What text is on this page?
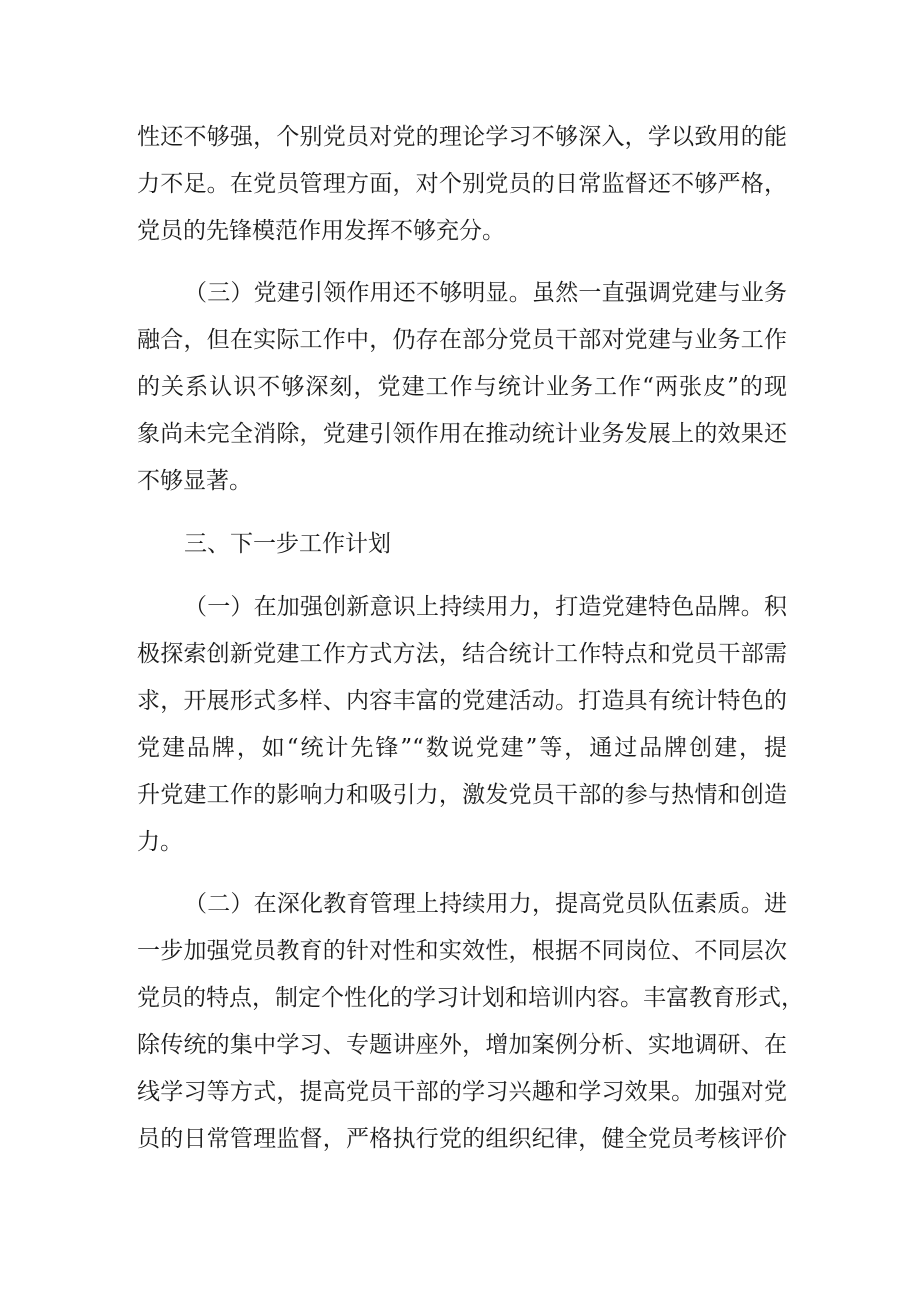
性还不够强，个别党员对党的理论学习不够深入，学以致用的能
力不足。在党员管理方面，对个别党员的日常监督还不够严格，
党员的先锋模范作用发挥不够充分。
（三）党建引领作用还不够明显。虽然一直强调党建与业务
融合，但在实际工作中，仍存在部分党员干部对党建与业务工作
的关系认识不够深刻，党建工作与统计业务工作“两张皮”的现
象尚未完全消除，党建引领作用在推动统计业务发展上的效果还
不够显著。
三、下一步工作计划
（一）在加强创新意识上持续用力，打造党建特色品牌。积
极探索创新党建工作方式方法，结合统计工作特点和党员干部需
求，开展形式多样、内容丰富的党建活动。打造具有统计特色的
党建品牌，如“统计先锋”“数说党建”等，通过品牌创建，提
升党建工作的影响力和吸引力，激发党员干部的参与热情和创造
力。
（二）在深化教育管理上持续用力，提高党员队伍素质。进
一步加强党员教育的针对性和实效性，根据不同岗位、不同层次
党员的特点，制定个性化的学习计划和培训内容。丰富教育形式，
除传统的集中学习、专题讲座外，增加案例分析、实地调研、在
线学习等方式，提高党员干部的学习兴趣和学习效果。加强对党
员的日常管理监督，严格执行党的组织纪律，健全党员考核评价
